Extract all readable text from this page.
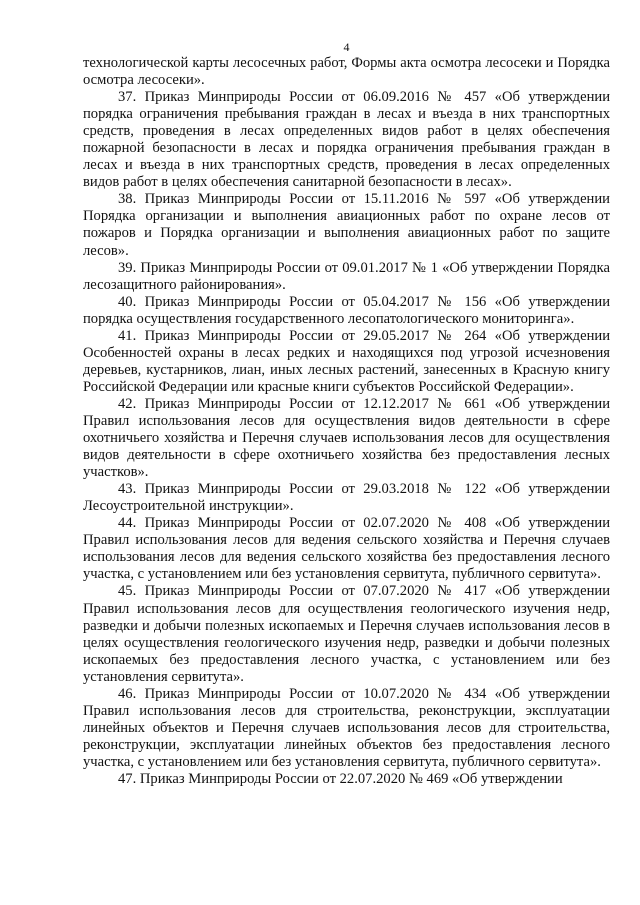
4

технологической карты лесосечных работ, Формы акта осмотра лесосеки и Порядка осмотра лесосеки».

37. Приказ Минприроды России от 06.09.2016 № 457 «Об утверждении порядка ограничения пребывания граждан в лесах и въезда в них транспортных средств, проведения в лесах определенных видов работ в целях обеспечения пожарной безопасности в лесах и порядка ограничения пребывания граждан в лесах и въезда в них транспортных средств, проведения в лесах определенных видов работ в целях обеспечения санитарной безопасности в лесах».

38. Приказ Минприроды России от 15.11.2016 № 597 «Об утверждении Порядка организации и выполнения авиационных работ по охране лесов от пожаров и Порядка организации и выполнения авиационных работ по защите лесов».

39. Приказ Минприроды России от 09.01.2017 № 1 «Об утверждении Порядка лесозащитного районирования».

40. Приказ Минприроды России от 05.04.2017 № 156 «Об утверждении порядка осуществления государственного лесопатологического мониторинга».

41. Приказ Минприроды России от 29.05.2017 № 264 «Об утверждении Особенностей охраны в лесах редких и находящихся под угрозой исчезновения деревьев, кустарников, лиан, иных лесных растений, занесенных в Красную книгу Российской Федерации или красные книги субъектов Российской Федерации».

42. Приказ Минприроды России от 12.12.2017 № 661 «Об утверждении Правил использования лесов для осуществления видов деятельности в сфере охотничьего хозяйства и Перечня случаев использования лесов для осуществления видов деятельности в сфере охотничьего хозяйства без предоставления лесных участков».

43. Приказ Минприроды России от 29.03.2018 № 122 «Об утверждении Лесоустроительной инструкции».

44. Приказ Минприроды России от 02.07.2020 № 408 «Об утверждении Правил использования лесов для ведения сельского хозяйства и Перечня случаев использования лесов для ведения сельского хозяйства без предоставления лесного участка, с установлением или без установления сервитута, публичного сервитута».

45. Приказ Минприроды России от 07.07.2020 № 417 «Об утверждении Правил использования лесов для осуществления геологического изучения недр, разведки и добычи полезных ископаемых и Перечня случаев использования лесов в целях осуществления геологического изучения недр, разведки и добычи полезных ископаемых без предоставления лесного участка, с установлением или без установления сервитута».

46. Приказ Минприроды России от 10.07.2020 № 434 «Об утверждении Правил использования лесов для строительства, реконструкции, эксплуатации линейных объектов и Перечня случаев использования лесов для строительства, реконструкции, эксплуатации линейных объектов без предоставления лесного участка, с установлением или без установления сервитута, публичного сервитута».

47. Приказ Минприроды России от 22.07.2020 № 469 «Об утверждении
